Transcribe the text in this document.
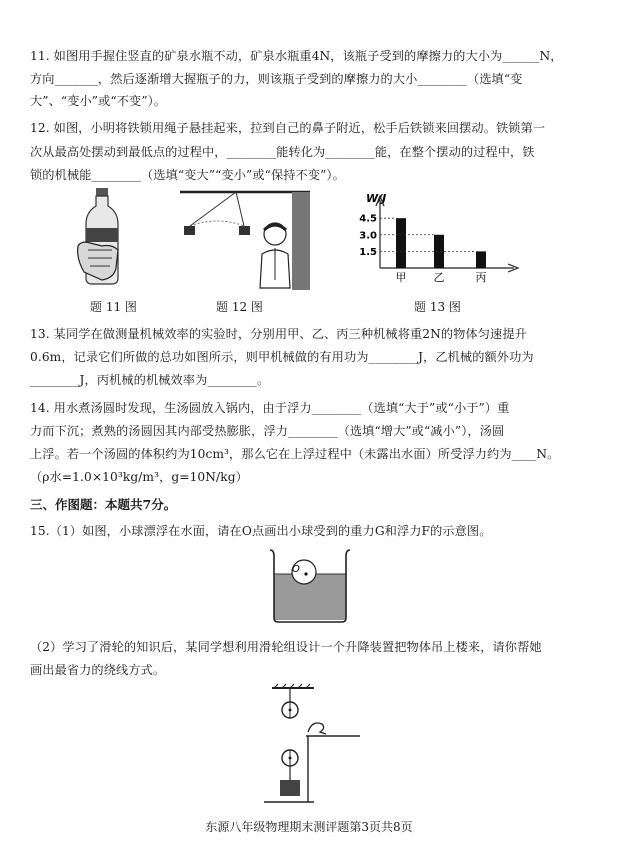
11. 如图用手握住竖直的矿泉水瓶不动，矿泉水瓶重4N，该瓶子受到的摩擦力的大小为______N，
方向_______，然后逐渐增大握瓶子的力，则该瓶子受到的摩擦力的大小________（选填“变
大”、“变小”或“不变”）。
12. 如图，小明将铁锁用绳子悬挂起来，拉到自己的鼻子附近，松手后铁锁来回摆动。铁锁第一
次从最高处摆动到最低点的过程中，________能转化为________能，在整个摆动的过程中，铁
锁的机械能________（选填“变大”“变小”或“保持不变”）。
W/J
4.5
甲
3.0
乙
1.5
丙
题 11 图	题 12 图	题 13 图
13. 某同学在做测量机械效率的实验时，分别用甲、乙、丙三种机械将重2N的物体匀速提升
0.6m，记录它们所做的总功如图所示，则甲机械做的有用功为________J，乙机械的额外功为
________J，丙机械的机械效率为________。
14. 用水煮汤圆时发现，生汤圆放入锅内，由于浮力________（选填“大于”或“小于”）重
力而下沉；煮熟的汤圆因其内部受热膨胀，浮力________（选填“增大”或“减小”），汤圆
上浮。若一个汤圆的体积约为10cm³，那么它在上浮过程中（未露出水面）所受浮力约为____N。
（ρ水=1.0×10³kg/m³，g=10N/kg）
三、作图题：本题共7分。
15.（1）如图，小球漂浮在水面，请在O点画出小球受到的重力G和浮力F的示意图。
O
（2）学习了滑轮的知识后，某同学想利用滑轮组设计一个升降装置把物体吊上楼来，请你帮她
画出最省力的绕线方式。
东源八年级物理期末测评题第3页共8页
